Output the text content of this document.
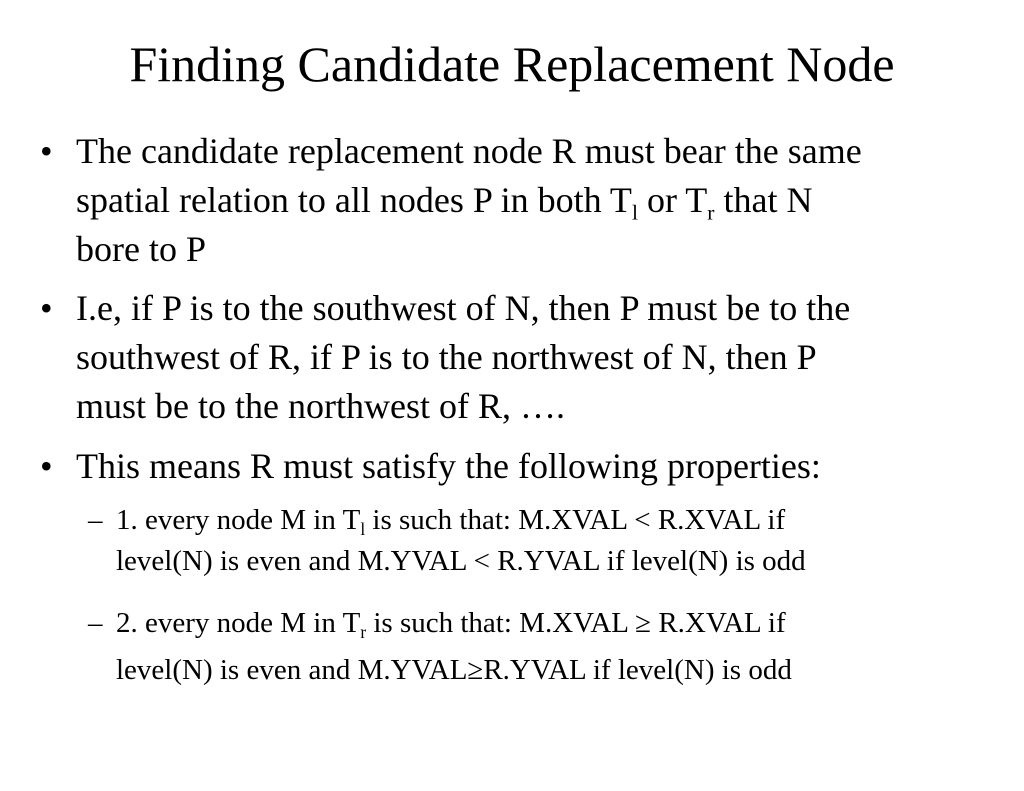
Finding Candidate Replacement Node
• The candidate replacement node R must bear the same
spatial relation to all nodes P in both $T_l$ or $T_r$ that N
bore to P
• I.e, if P is to the southwest of N, then P must be to the
southwest of R, if P is to the northwest of N, then P
must be to the northwest of R, ….
• This means R must satisfy the following properties:
– 1. every node M in $T_l$ is such that: M.XVAL < R.XVAL if
level(N) is even and M.YVAL < R.YVAL if level(N) is odd
– 2. every node M in $T_r$ is such that: M.XVAL ≥ R.XVAL if
level(N) is even and M.YVAL≥R.YVAL if level(N) is odd
